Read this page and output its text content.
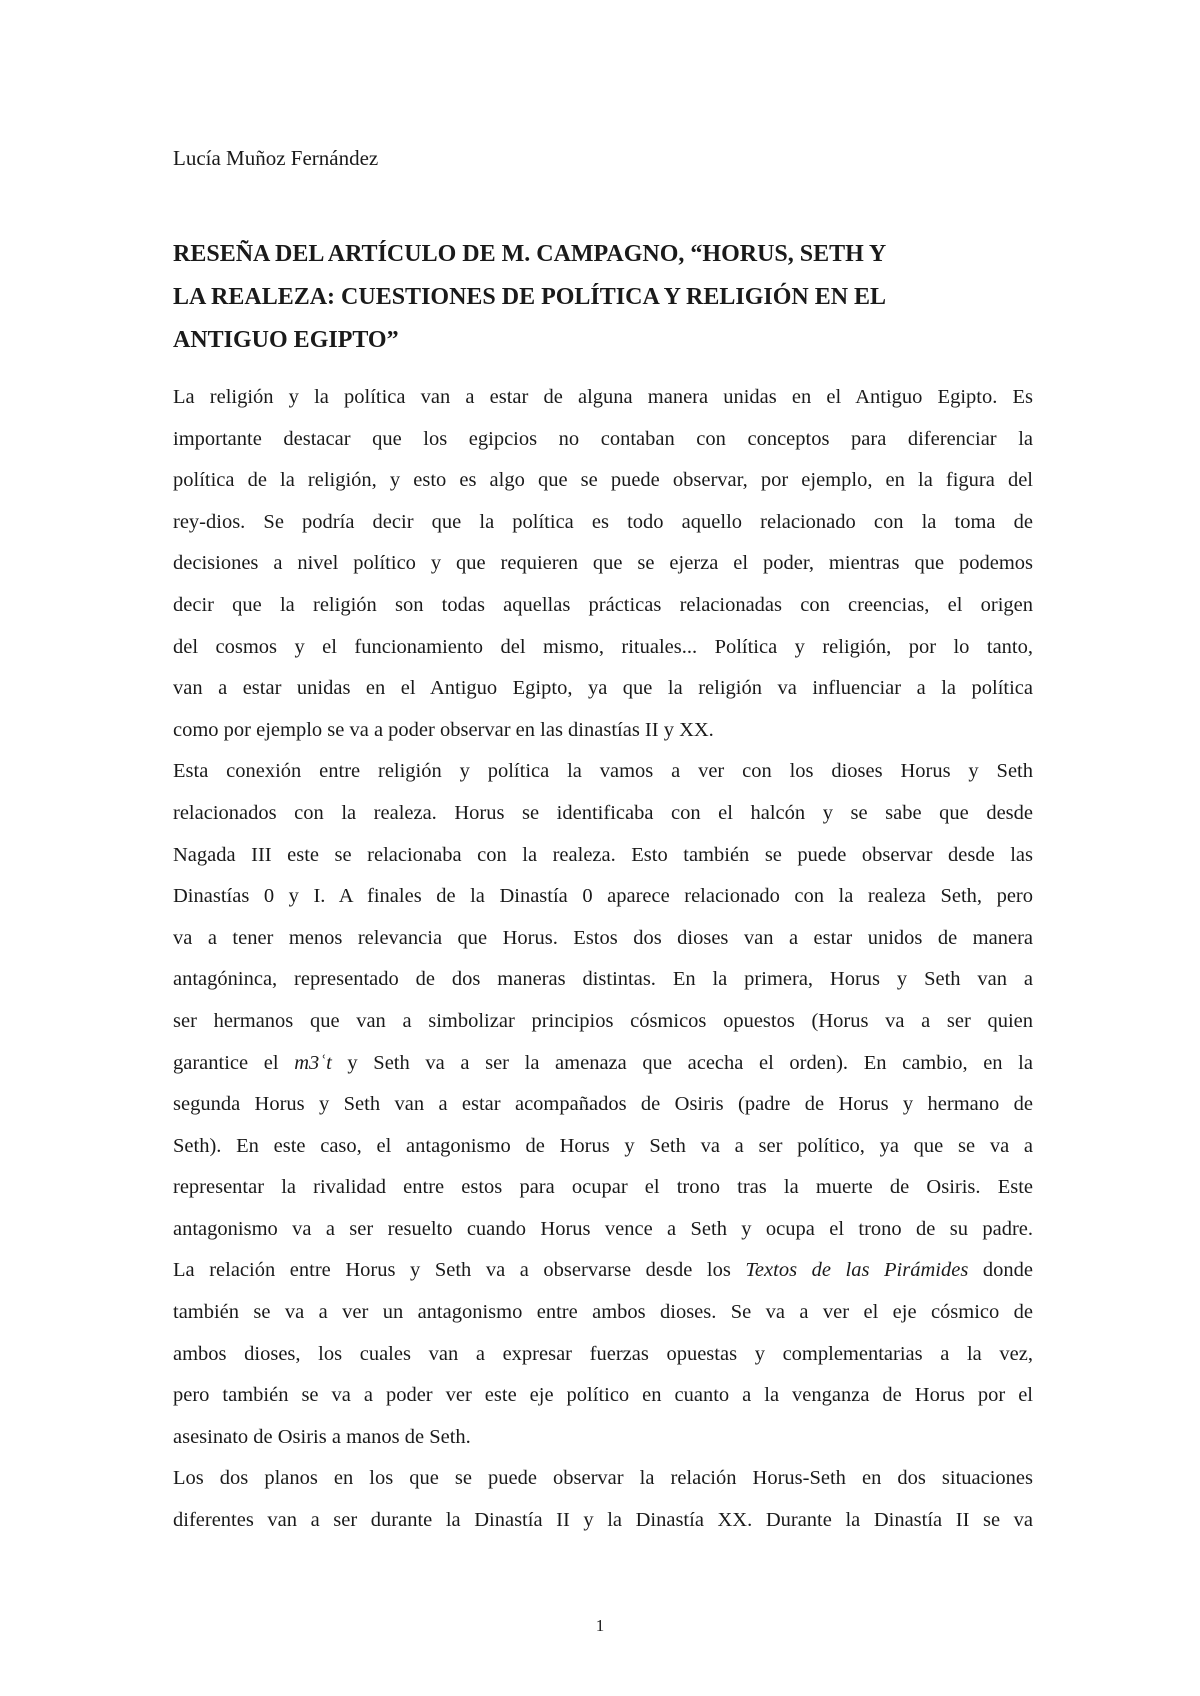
Lucía Muñoz Fernández
RESEÑA DEL ARTÍCULO DE M. CAMPAGNO, “HORUS, SETH Y
LA REALEZA: CUESTIONES DE POLÍTICA Y RELIGIÓN EN EL
ANTIGUO EGIPTO”

La religión y la política van a estar de alguna manera unidas en el Antiguo Egipto. Es
importante destacar que los egipcios no contaban con conceptos para diferenciar la
política de la religión, y esto es algo que se puede observar, por ejemplo, en la figura del
rey-dios. Se podría decir que la política es todo aquello relacionado con la toma de
decisiones a nivel político y que requieren que se ejerza el poder, mientras que podemos
decir que la religión son todas aquellas prácticas relacionadas con creencias, el origen
del cosmos y el funcionamiento del mismo, rituales... Política y religión, por lo tanto,
van a estar unidas en el Antiguo Egipto, ya que la religión va influenciar a la política
como por ejemplo se va a poder observar en las dinastías II y XX.

Esta conexión entre religión y política la vamos a ver con los dioses Horus y Seth
relacionados con la realeza. Horus se identificaba con el halcón y se sabe que desde
Nagada III este se relacionaba con la realeza. Esto también se puede observar desde las
Dinastías 0 y I. A finales de la Dinastía 0 aparece relacionado con la realeza Seth, pero
va a tener menos relevancia que Horus. Estos dos dioses van a estar unidos de manera
antagóninca, representado de dos maneras distintas. En la primera, Horus y Seth van a
ser hermanos que van a simbolizar principios cósmicos opuestos (Horus va a ser quien
garantice el m3ʿt y Seth va a ser la amenaza que acecha el orden). En cambio, en la
segunda Horus y Seth van a estar acompañados de Osiris (padre de Horus y hermano de
Seth). En este caso, el antagonismo de Horus y Seth va a ser político, ya que se va a
representar la rivalidad entre estos para ocupar el trono tras la muerte de Osiris. Este
antagonismo va a ser resuelto cuando Horus vence a Seth y ocupa el trono de su padre.
La relación entre Horus y Seth va a observarse desde los Textos de las Pirámides donde
también se va a ver un antagonismo entre ambos dioses. Se va a ver el eje cósmico de
ambos dioses, los cuales van a expresar fuerzas opuestas y complementarias a la vez,
pero también se va a poder ver este eje político en cuanto a la venganza de Horus por el
asesinato de Osiris a manos de Seth.

Los dos planos en los que se puede observar la relación Horus-Seth en dos situaciones
diferentes van a ser durante la Dinastía II y la Dinastía XX. Durante la Dinastía II se va

1
